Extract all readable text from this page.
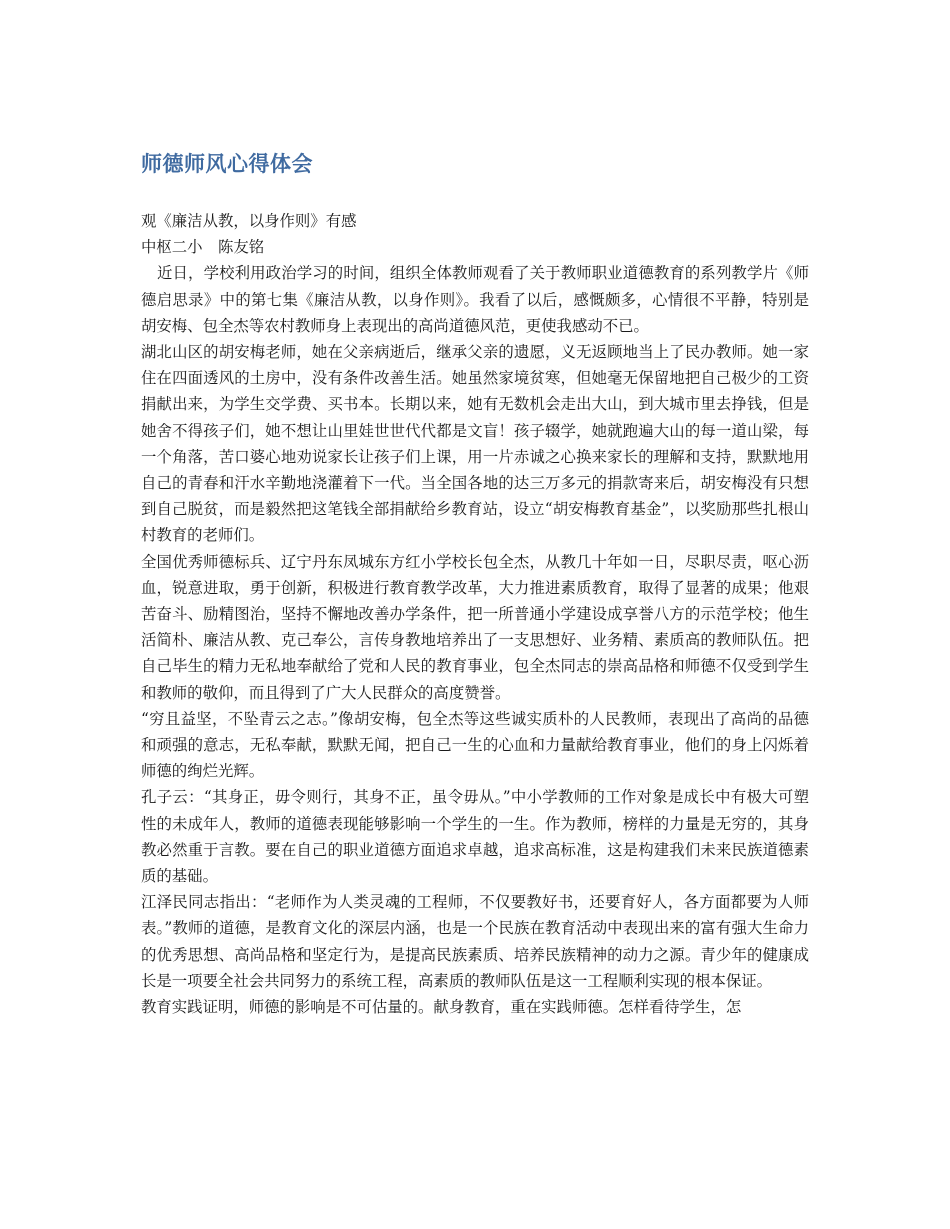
师德师风心得体会

观《廉洁从教，以身作则》有感

中枢二小　陈友铭

近日，学校利用政治学习的时间，组织全体教师观看了关于教师职业道德教育的系列教学片《师德启思录》中的第七集《廉洁从教，以身作则》。我看了以后，感慨颇多，心情很不平静，特别是胡安梅、包全杰等农村教师身上表现出的高尚道德风范，更使我感动不已。

湖北山区的胡安梅老师，她在父亲病逝后，继承父亲的遗愿，义无返顾地当上了民办教师。她一家住在四面透风的土房中，没有条件改善生活。她虽然家境贫寒，但她毫无保留地把自己极少的工资捐献出来，为学生交学费、买书本。长期以来，她有无数机会走出大山，到大城市里去挣钱，但是她舍不得孩子们，她不想让山里娃世世代代都是文盲！孩子辍学，她就跑遍大山的每一道山梁，每一个角落，苦口婆心地劝说家长让孩子们上课，用一片赤诚之心换来家长的理解和支持，默默地用自己的青春和汗水辛勤地浇灌着下一代。当全国各地的达三万多元的捐款寄来后，胡安梅没有只想到自己脱贫，而是毅然把这笔钱全部捐献给乡教育站，设立“胡安梅教育基金”，以奖励那些扎根山村教育的老师们。

全国优秀师德标兵、辽宁丹东凤城东方红小学校长包全杰，从教几十年如一日，尽职尽责，呕心沥血，锐意进取，勇于创新，积极进行教育教学改革，大力推进素质教育，取得了显著的成果；他艰苦奋斗、励精图治，坚持不懈地改善办学条件，把一所普通小学建设成享誉八方的示范学校；他生活简朴、廉洁从教、克己奉公，言传身教地培养出了一支思想好、业务精、素质高的教师队伍。把自己毕生的精力无私地奉献给了党和人民的教育事业，包全杰同志的崇高品格和师德不仅受到学生和教师的敬仰，而且得到了广大人民群众的高度赞誉。

“穷且益坚，不坠青云之志。”像胡安梅，包全杰等这些诚实质朴的人民教师，表现出了高尚的品德和顽强的意志，无私奉献，默默无闻，把自己一生的心血和力量献给教育事业，他们的身上闪烁着师德的绚烂光辉。

孔子云：“其身正，毋令则行，其身不正，虽令毋从。”中小学教师的工作对象是成长中有极大可塑性的未成年人，教师的道德表现能够影响一个学生的一生。作为教师，榜样的力量是无穷的，其身教必然重于言教。要在自己的职业道德方面追求卓越，追求高标准，这是构建我们未来民族道德素质的基础。

江泽民同志指出：“老师作为人类灵魂的工程师，不仅要教好书，还要育好人，各方面都要为人师表。”教师的道德，是教育文化的深层内涵，也是一个民族在教育活动中表现出来的富有强大生命力的优秀思想、高尚品格和坚定行为，是提高民族素质、培养民族精神的动力之源。青少年的健康成长是一项要全社会共同努力的系统工程，高素质的教师队伍是这一工程顺利实现的根本保证。

教育实践证明，师德的影响是不可估量的。献身教育，重在实践师德。怎样看待学生，怎
